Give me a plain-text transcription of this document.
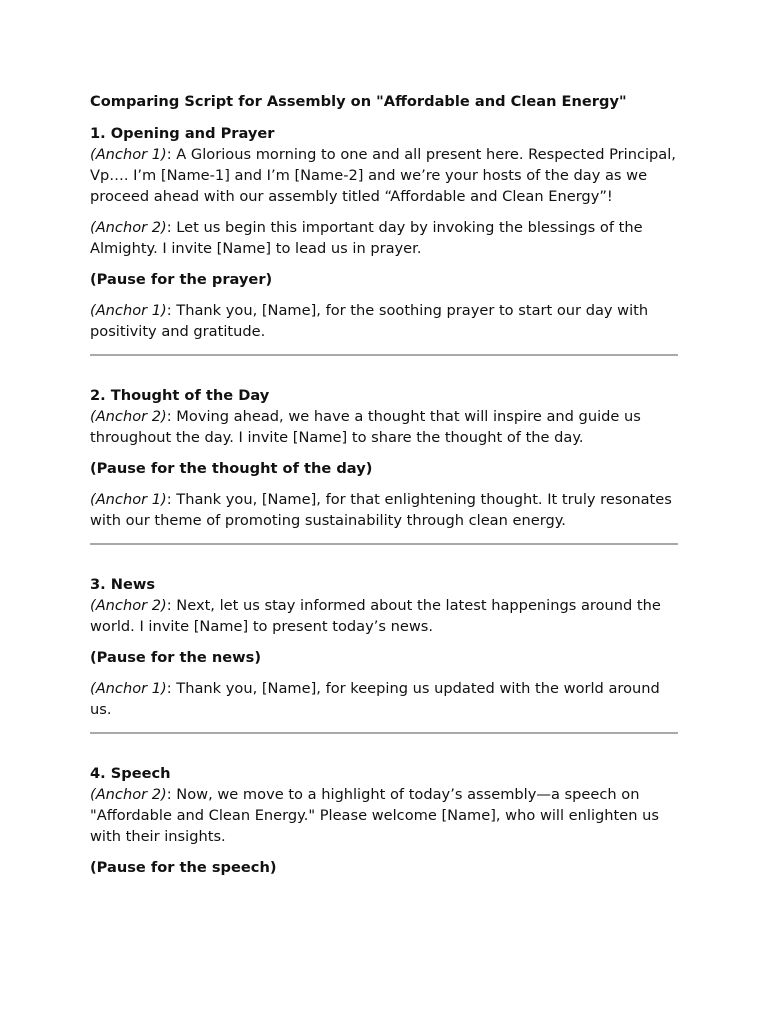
Comparing Script for Assembly on "Affordable and Clean Energy"
1. Opening and Prayer

(Anchor 1): A Glorious morning to one and all present here. Respected Principal, Vp…. I’m [Name-1] and I’m [Name-2] and we’re your hosts of the day as we proceed ahead with our assembly titled “Affordable and Clean Energy”!

(Anchor 2): Let us begin this important day by invoking the blessings of the Almighty. I invite [Name] to lead us in prayer.

(Pause for the prayer)

(Anchor 1): Thank you, [Name], for the soothing prayer to start our day with positivity and gratitude.

2. Thought of the Day

(Anchor 2): Moving ahead, we have a thought that will inspire and guide us throughout the day. I invite [Name] to share the thought of the day.

(Pause for the thought of the day)

(Anchor 1): Thank you, [Name], for that enlightening thought. It truly resonates with our theme of promoting sustainability through clean energy.

3. News

(Anchor 2): Next, let us stay informed about the latest happenings around the world. I invite [Name] to present today’s news.

(Pause for the news)

(Anchor 1): Thank you, [Name], for keeping us updated with the world around us.

4. Speech

(Anchor 2): Now, we move to a highlight of today’s assembly—a speech on "Affordable and Clean Energy." Please welcome [Name], who will enlighten us with their insights.

(Pause for the speech)
